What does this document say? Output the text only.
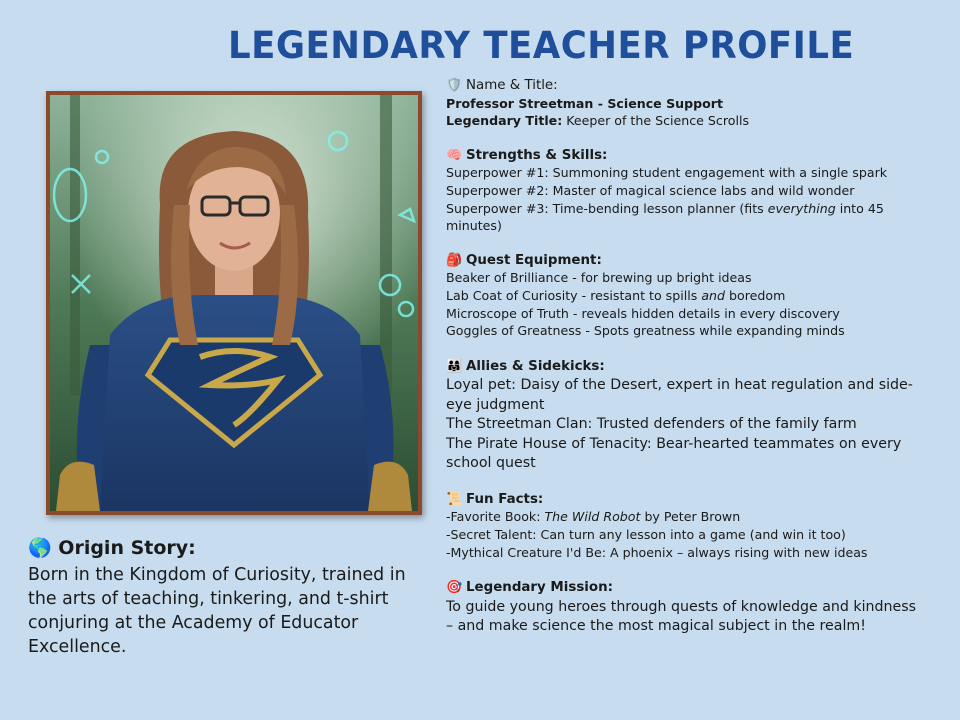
LEGENDARY TEACHER PROFILE
🌎 Origin Story:
Born in the Kingdom of Curiosity, trained in the arts of teaching, tinkering, and t-shirt conjuring at the Academy of Educator Excellence.
🛡️ Name & Title:
Professor Streetman - Science Support
Legendary Title: Keeper of the Science Scrolls
🧠 Strengths & Skills:
Superpower #1: Summoning student engagement with a single spark
Superpower #2: Master of magical science labs and wild wonder
Superpower #3: Time-bending lesson planner (fits everything into 45 minutes)
🎒 Quest Equipment:
Beaker of Brilliance - for brewing up bright ideas
Lab Coat of Curiosity - resistant to spills and boredom
Microscope of Truth - reveals hidden details in every discovery
Goggles of Greatness - Spots greatness while expanding minds
👨‍👩‍👧 Allies & Sidekicks:
Loyal pet: Daisy of the Desert, expert in heat regulation and side-eye judgment
The Streetman Clan: Trusted defenders of the family farm
The Pirate House of Tenacity: Bear-hearted teammates on every school quest
📜 Fun Facts:
-Favorite Book: The Wild Robot by Peter Brown
-Secret Talent: Can turn any lesson into a game (and win it too)
-Mythical Creature I'd Be: A phoenix – always rising with new ideas
🎯 Legendary Mission:
To guide young heroes through quests of knowledge and kindness – and make science the most magical subject in the realm!
